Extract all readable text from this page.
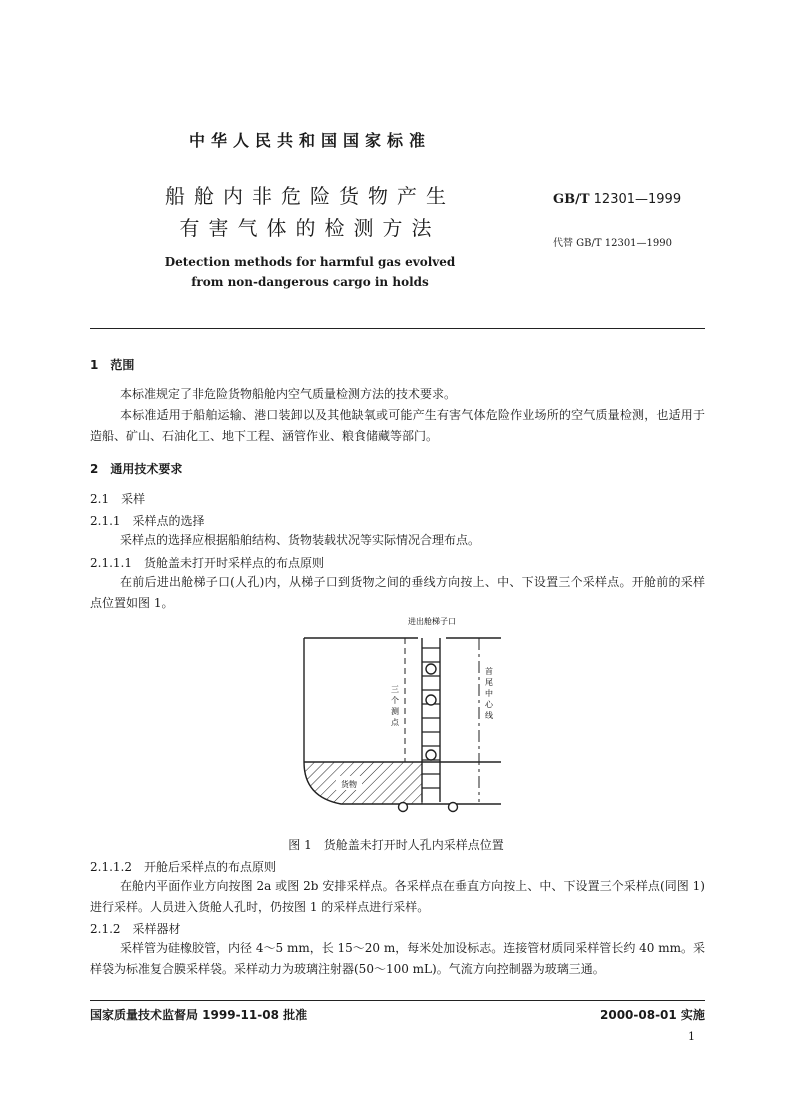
中华人民共和国国家标准
船舱内非危险货物产生
有害气体的检测方法
Detection methods for harmful gas evolved
from non-dangerous cargo in holds
GB/T 12301—1999
代替 GB/T 12301—1990
1　范围
本标准规定了非危险货物船舱内空气质量检测方法的技术要求。
本标准适用于船舶运输、港口装卸以及其他缺氧或可能产生有害气体危险作业场所的空气质量检测，也适用于造船、矿山、石油化工、地下工程、涵管作业、粮食储藏等部门。
2　通用技术要求
2.1　采样
2.1.1　采样点的选择
采样点的选择应根据船舶结构、货物装载状况等实际情况合理布点。
2.1.1.1　货舱盖未打开时采样点的布点原则
在前后进出舱梯子口(人孔)内，从梯子口到货物之间的垂线方向按上、中、下设置三个采样点。开舱前的采样点位置如图 1。
进出舱梯子口
货物
三个测点
首尾中心线
图 1　货舱盖未打开时人孔内采样点位置
2.1.1.2　开舱后采样点的布点原则
在舱内平面作业方向按图 2a 或图 2b 安排采样点。各采样点在垂直方向按上、中、下设置三个采样点(同图 1)进行采样。人员进入货舱人孔时，仍按图 1 的采样点进行采样。
2.1.2　采样器材
采样管为硅橡胶管，内径 4～5 mm，长 15～20 m，每米处加设标志。连接管材质同采样管长约 40 mm。采样袋为标准复合膜采样袋。采样动力为玻璃注射器(50～100 mL)。气流方向控制器为玻璃三通。
国家质量技术监督局 1999-11-08 批准	2000-08-01 实施
1
